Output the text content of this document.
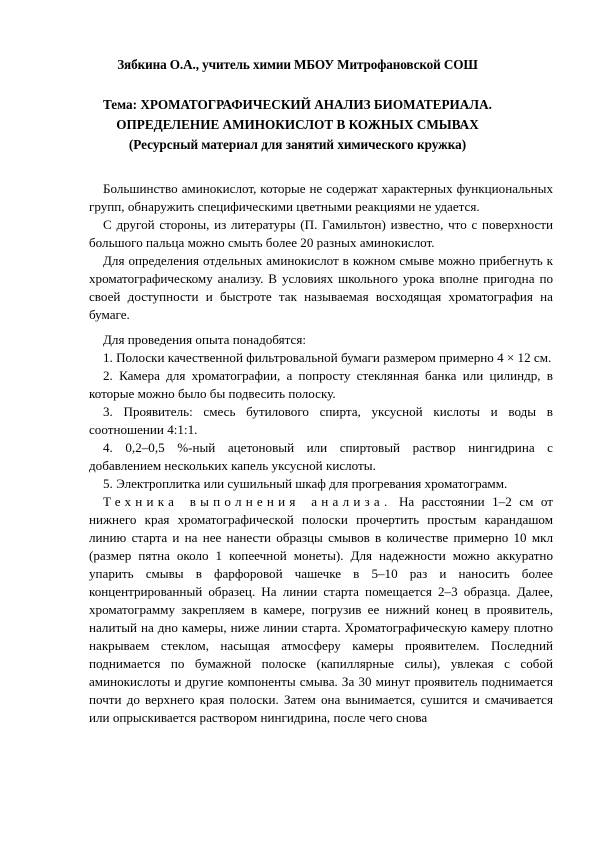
Зябкина О.А., учитель химии МБОУ Митрофановской СОШ
Тема: ХРОМАТОГРАФИЧЕСКИЙ АНАЛИЗ БИОМАТЕРИАЛА.
ОПРЕДЕЛЕНИЕ АМИНОКИСЛОТ В КОЖНЫХ СМЫВАХ
(Ресурсный материал для занятий химического кружка)

Большинство аминокислот, которые не содержат характерных функциональных групп, обнаружить специфическими цветными реакциями не удается.

С другой стороны, из литературы (П. Гамильтон) известно, что с поверхности большого пальца можно смыть более 20 разных аминокислот.

Для определения отдельных аминокислот в кожном смыве можно прибегнуть к хроматографическому анализу. В условиях школьного урока вполне пригодна по своей доступности и быстроте так называемая восходящая хроматография на бумаге.

Для проведения опыта понадобятся:

1. Полоски качественной фильтровальной бумаги размером примерно 4 × 12 см.

2. Камера для хроматографии, а попросту стеклянная банка или цилиндр, в которые можно было бы подвесить полоску.

3. Проявитель: смесь бутилового спирта, уксусной кислоты и воды в соотношении 4:1:1.

4. 0,2–0,5 %-ный ацетоновый или спиртовый раствор нингидрина с добавлением нескольких капель уксусной кислоты.

5. Электроплитка или сушильный шкаф для прогревания хроматограмм.

Техника выполнения анализа. На расстоянии 1–2 см от нижнего края хроматографической полоски прочертить простым карандашом линию старта и на нее нанести образцы смывов в количестве примерно 10 мкл (размер пятна около 1 копеечной монеты). Для надежности можно аккуратно упарить смывы в фарфоровой чашечке в 5–10 раз и наносить более концентрированный образец. На линии старта помещается 2–3 образца. Далее, хроматограмму закрепляем в камере, погрузив ее нижний конец в проявитель, налитый на дно камеры, ниже линии старта. Хроматографическую камеру плотно накрываем стеклом, насыщая атмосферу камеры проявителем. Последний поднимается по бумажной полоске (капиллярные силы), увлекая с собой аминокислоты и другие компоненты смыва. За 30 минут проявитель поднимается почти до верхнего края полоски. Затем она вынимается, сушится и смачивается или опрыскивается раствором нингидрина, после чего снова
